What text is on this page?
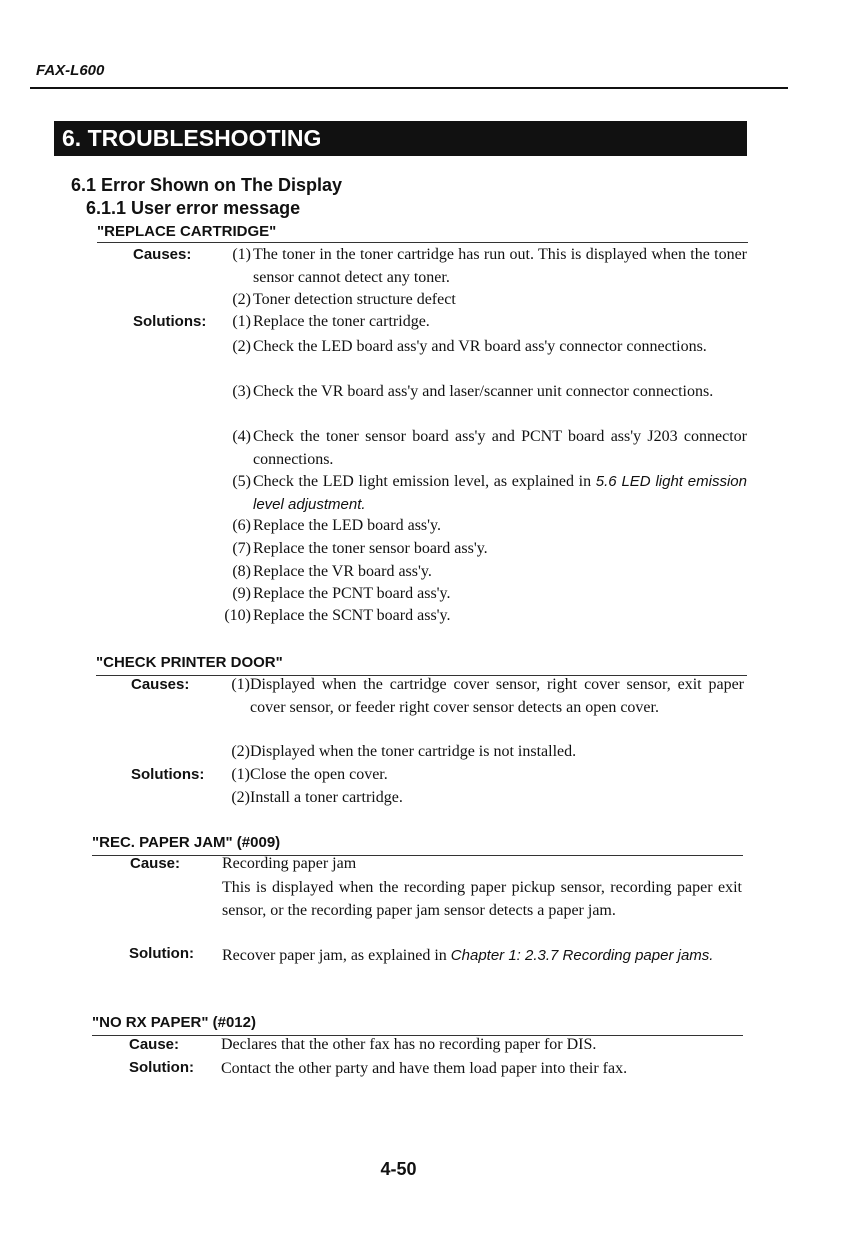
FAX-L600
6. TROUBLESHOOTING
6.1 Error Shown on The Display
6.1.1 User error message
"REPLACE CARTRIDGE"
Causes:	(1) The toner in the toner cartridge has run out. This is displayed when the toner sensor cannot detect any toner.
(2) Toner detection structure defect
Solutions:	(1) Replace the toner cartridge.
(2) Check the LED board ass'y and VR board ass'y connector connections.
(3) Check the VR board ass'y and laser/scanner unit connector connections.
(4) Check the toner sensor board ass'y and PCNT board ass'y J203 connector connections.
(5) Check the LED light emission level, as explained in 5.6 LED light emission level adjustment.
(6) Replace the LED board ass'y.
(7) Replace the toner sensor board ass'y.
(8) Replace the VR board ass'y.
(9) Replace the PCNT board ass'y.
(10) Replace the SCNT board ass'y.
"CHECK PRINTER DOOR"
Causes:	(1) Displayed when the cartridge cover sensor, right cover sensor, exit paper cover sensor, or feeder right cover sensor detects an open cover.
(2) Displayed when the toner cartridge is not installed.
Solutions:	(1) Close the open cover.
(2) Install a toner cartridge.
"REC. PAPER JAM" (#009)
Cause:	Recording paper jam
This is displayed when the recording paper pickup sensor, recording paper exit sensor, or the recording paper jam sensor detects a paper jam.
Solution: Recover paper jam, as explained in Chapter 1: 2.3.7 Recording paper jams.
"NO RX PAPER" (#012)
Cause:	Declares that the other fax has no recording paper for DIS.
Solution: Contact the other party and have them load paper into their fax.
4-50
